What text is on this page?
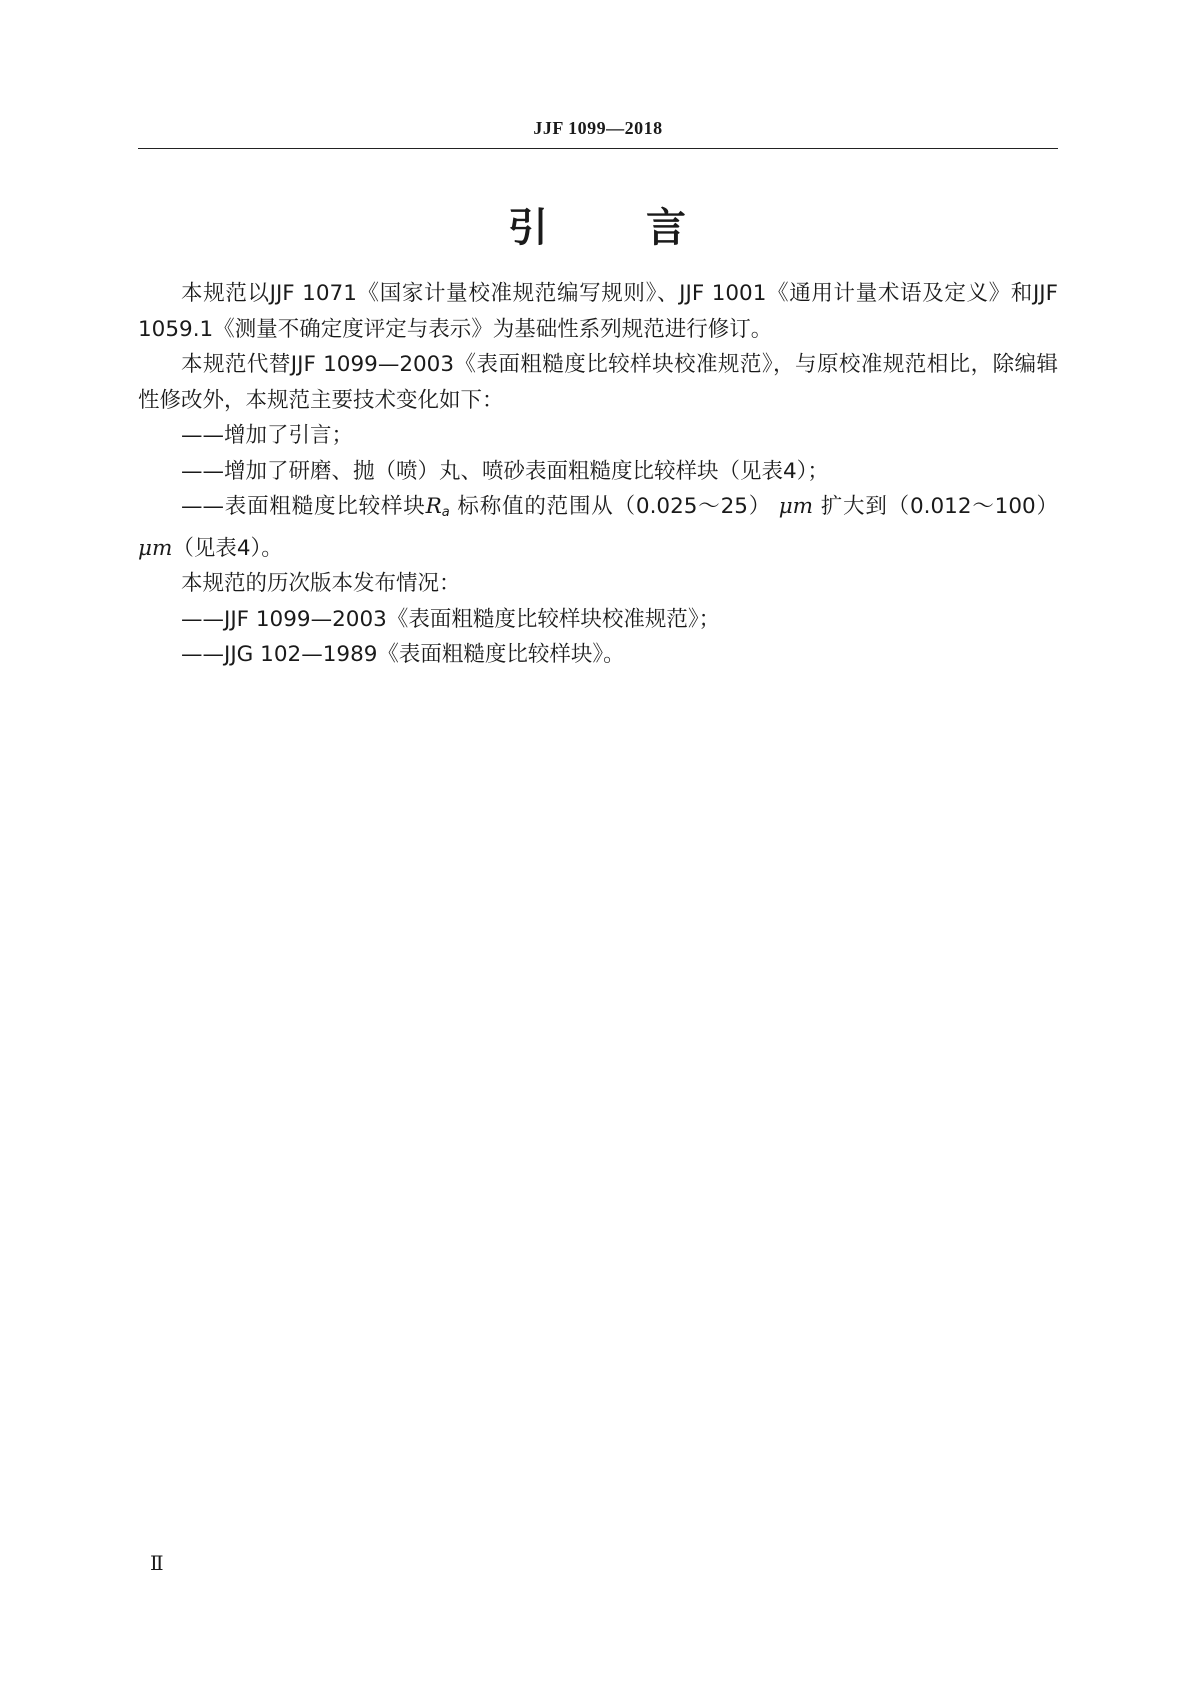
JJF 1099—2018
引 言

本规范以JJF 1071《国家计量校准规范编写规则》、JJF 1001《通用计量术语及定义》和JJF 1059.1《测量不确定度评定与表示》为基础性系列规范进行修订。

本规范代替JJF 1099—2003《表面粗糙度比较样块校准规范》，与原校准规范相比，除编辑性修改外，本规范主要技术变化如下：

——增加了引言；

——增加了研磨、抛（喷）丸、喷砂表面粗糙度比较样块（见表4）；

——表面粗糙度比较样块$R_a$ 标称值的范围从（0.025～25） μm 扩大到（0.012～100） μm（见表4）。

本规范的历次版本发布情况：

——JJF 1099—2003《表面粗糙度比较样块校准规范》；

——JJG 102—1989《表面粗糙度比较样块》。

Ⅱ
